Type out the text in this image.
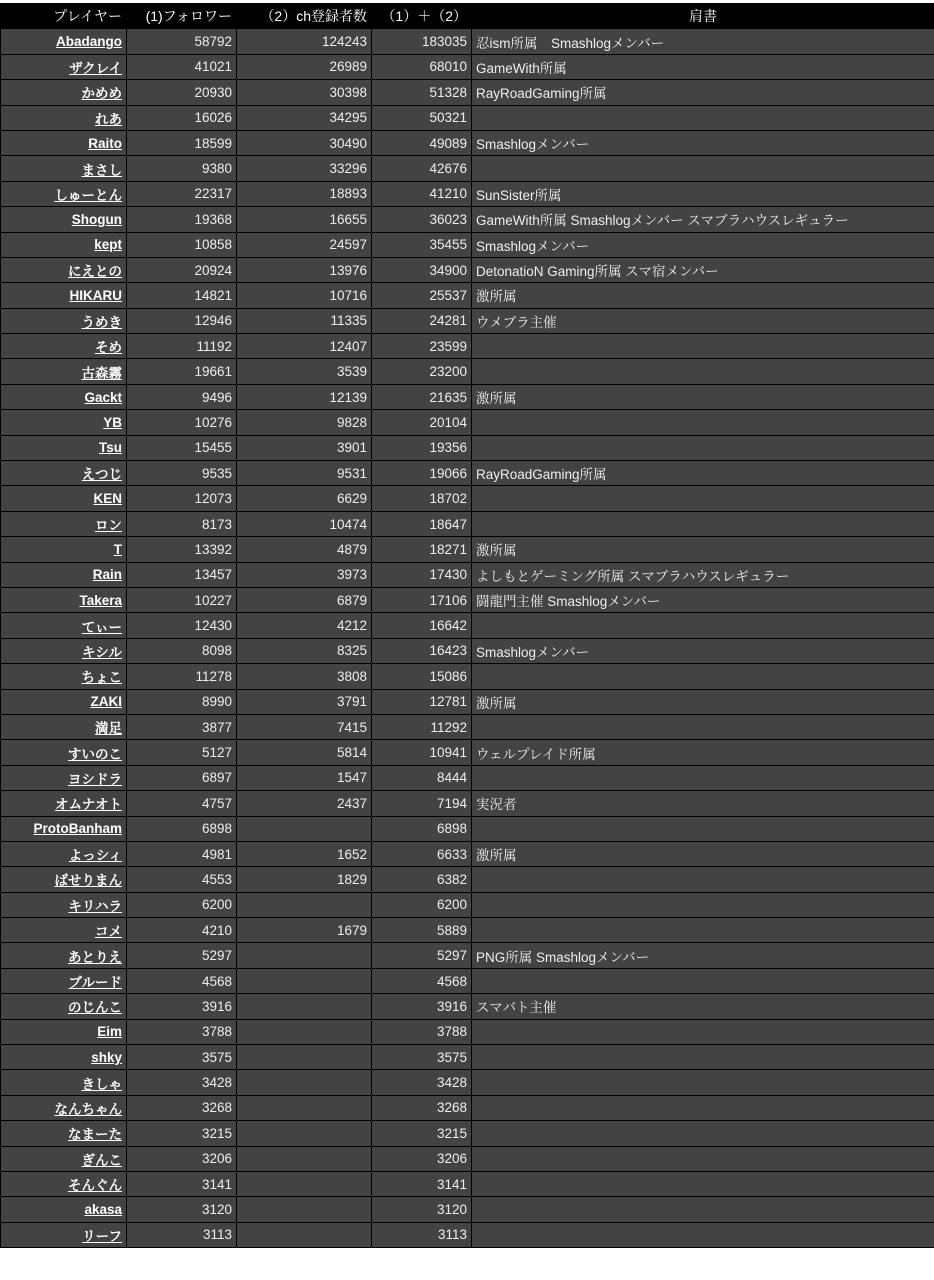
プレイヤー	(1)フォロワー	（2）ch登録者数	（1）＋（2）	肩書
Abadango	58792	124243	183035	忍ism所属　Smashlogメンバー
ザクレイ	41021	26989	68010	GameWith所属
かめめ	20930	30398	51328	RayRoadGaming所属
れあ	16026	34295	50321	
Raito	18599	30490	49089	Smashlogメンバー
まさし	9380	33296	42676	
しゅーとん	22317	18893	41210	SunSister所属
Shogun	19368	16655	36023	GameWith所属 Smashlogメンバー スマブラハウスレギュラー
kept	10858	24597	35455	Smashlogメンバー
にえとの	20924	13976	34900	DetonatioN Gaming所属 スマ宿メンバー
HIKARU	14821	10716	25537	激所属
うめき	12946	11335	24281	ウメブラ主催
そめ	11192	12407	23599	
古森霧	19661	3539	23200	
Gackt	9496	12139	21635	激所属
YB	10276	9828	20104	
Tsu	15455	3901	19356	
えつじ	9535	9531	19066	RayRoadGaming所属
KEN	12073	6629	18702	
ロン	8173	10474	18647	
T	13392	4879	18271	激所属
Rain	13457	3973	17430	よしもとゲーミング所属 スマブラハウスレギュラー
Takera	10227	6879	17106	闘龍門主催 Smashlogメンバー
てぃー	12430	4212	16642	
キシル	8098	8325	16423	Smashlogメンバー
ちょこ	11278	3808	15086	
ZAKI	8990	3791	12781	激所属
満足	3877	7415	11292	
すいのこ	5127	5814	10941	ウェルプレイド所属
ヨシドラ	6897	1547	8444	
オムナオト	4757	2437	7194	実況者
ProtoBanham	6898		6898	
よっシィ	4981	1652	6633	激所属
ばせりまん	4553	1829	6382	
キリハラ	6200		6200	
コメ	4210	1679	5889	
あとりえ	5297		5297	PNG所属 Smashlogメンバー
ブルード	4568		4568	
のじんこ	3916		3916	スマバト主催
Eim	3788		3788	
shky	3575		3575	
きしゃ	3428		3428	
なんちゃん	3268		3268	
なまーた	3215		3215	
ぎんこ	3206		3206	
そんぐん	3141		3141	
akasa	3120		3120	
リーフ	3113		3113	
